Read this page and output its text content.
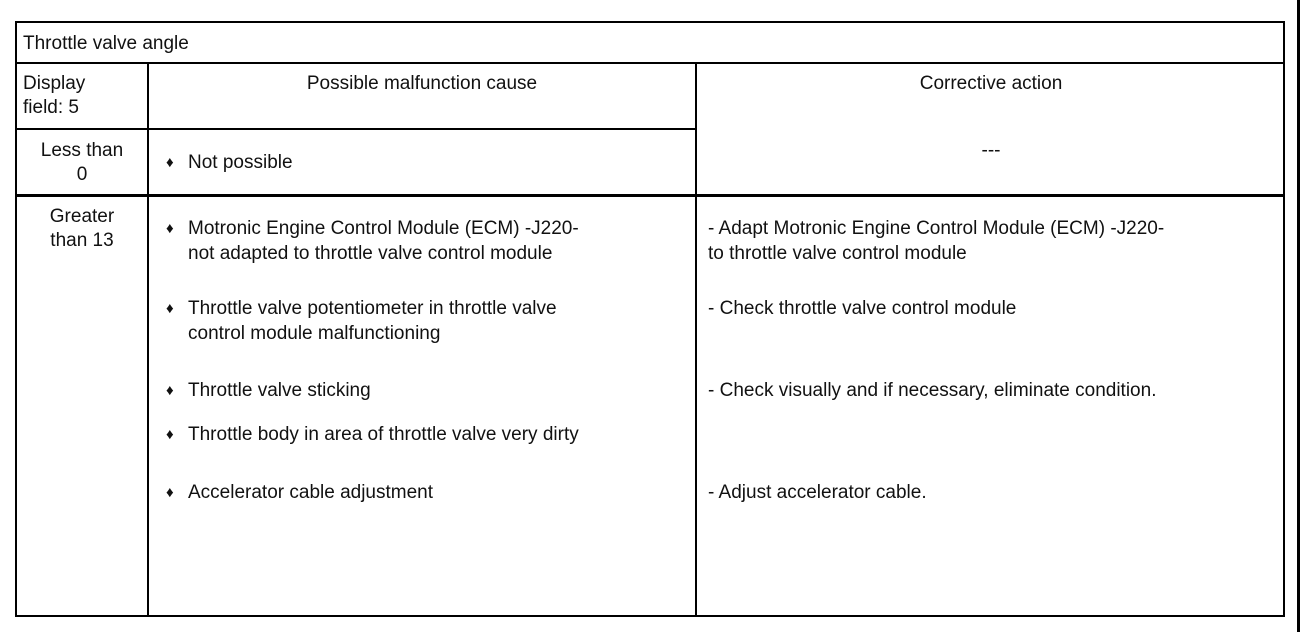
Throttle valve angle
Display
field: 5
Possible malfunction cause	Corrective action
Less than
0
♦ Not possible
---
Greater
than 13
♦ Motronic Engine Control Module (ECM) -J220-
not adapted to throttle valve control module
♦ Throttle valve potentiometer in throttle valve
control module malfunctioning
♦ Throttle valve sticking
♦ Throttle body in area of throttle valve very dirty
♦ Accelerator cable adjustment
- Adapt Motronic Engine Control Module (ECM) -J220-
to throttle valve control module
- Check throttle valve control module
- Check visually and if necessary, eliminate condition.
- Adjust accelerator cable.
